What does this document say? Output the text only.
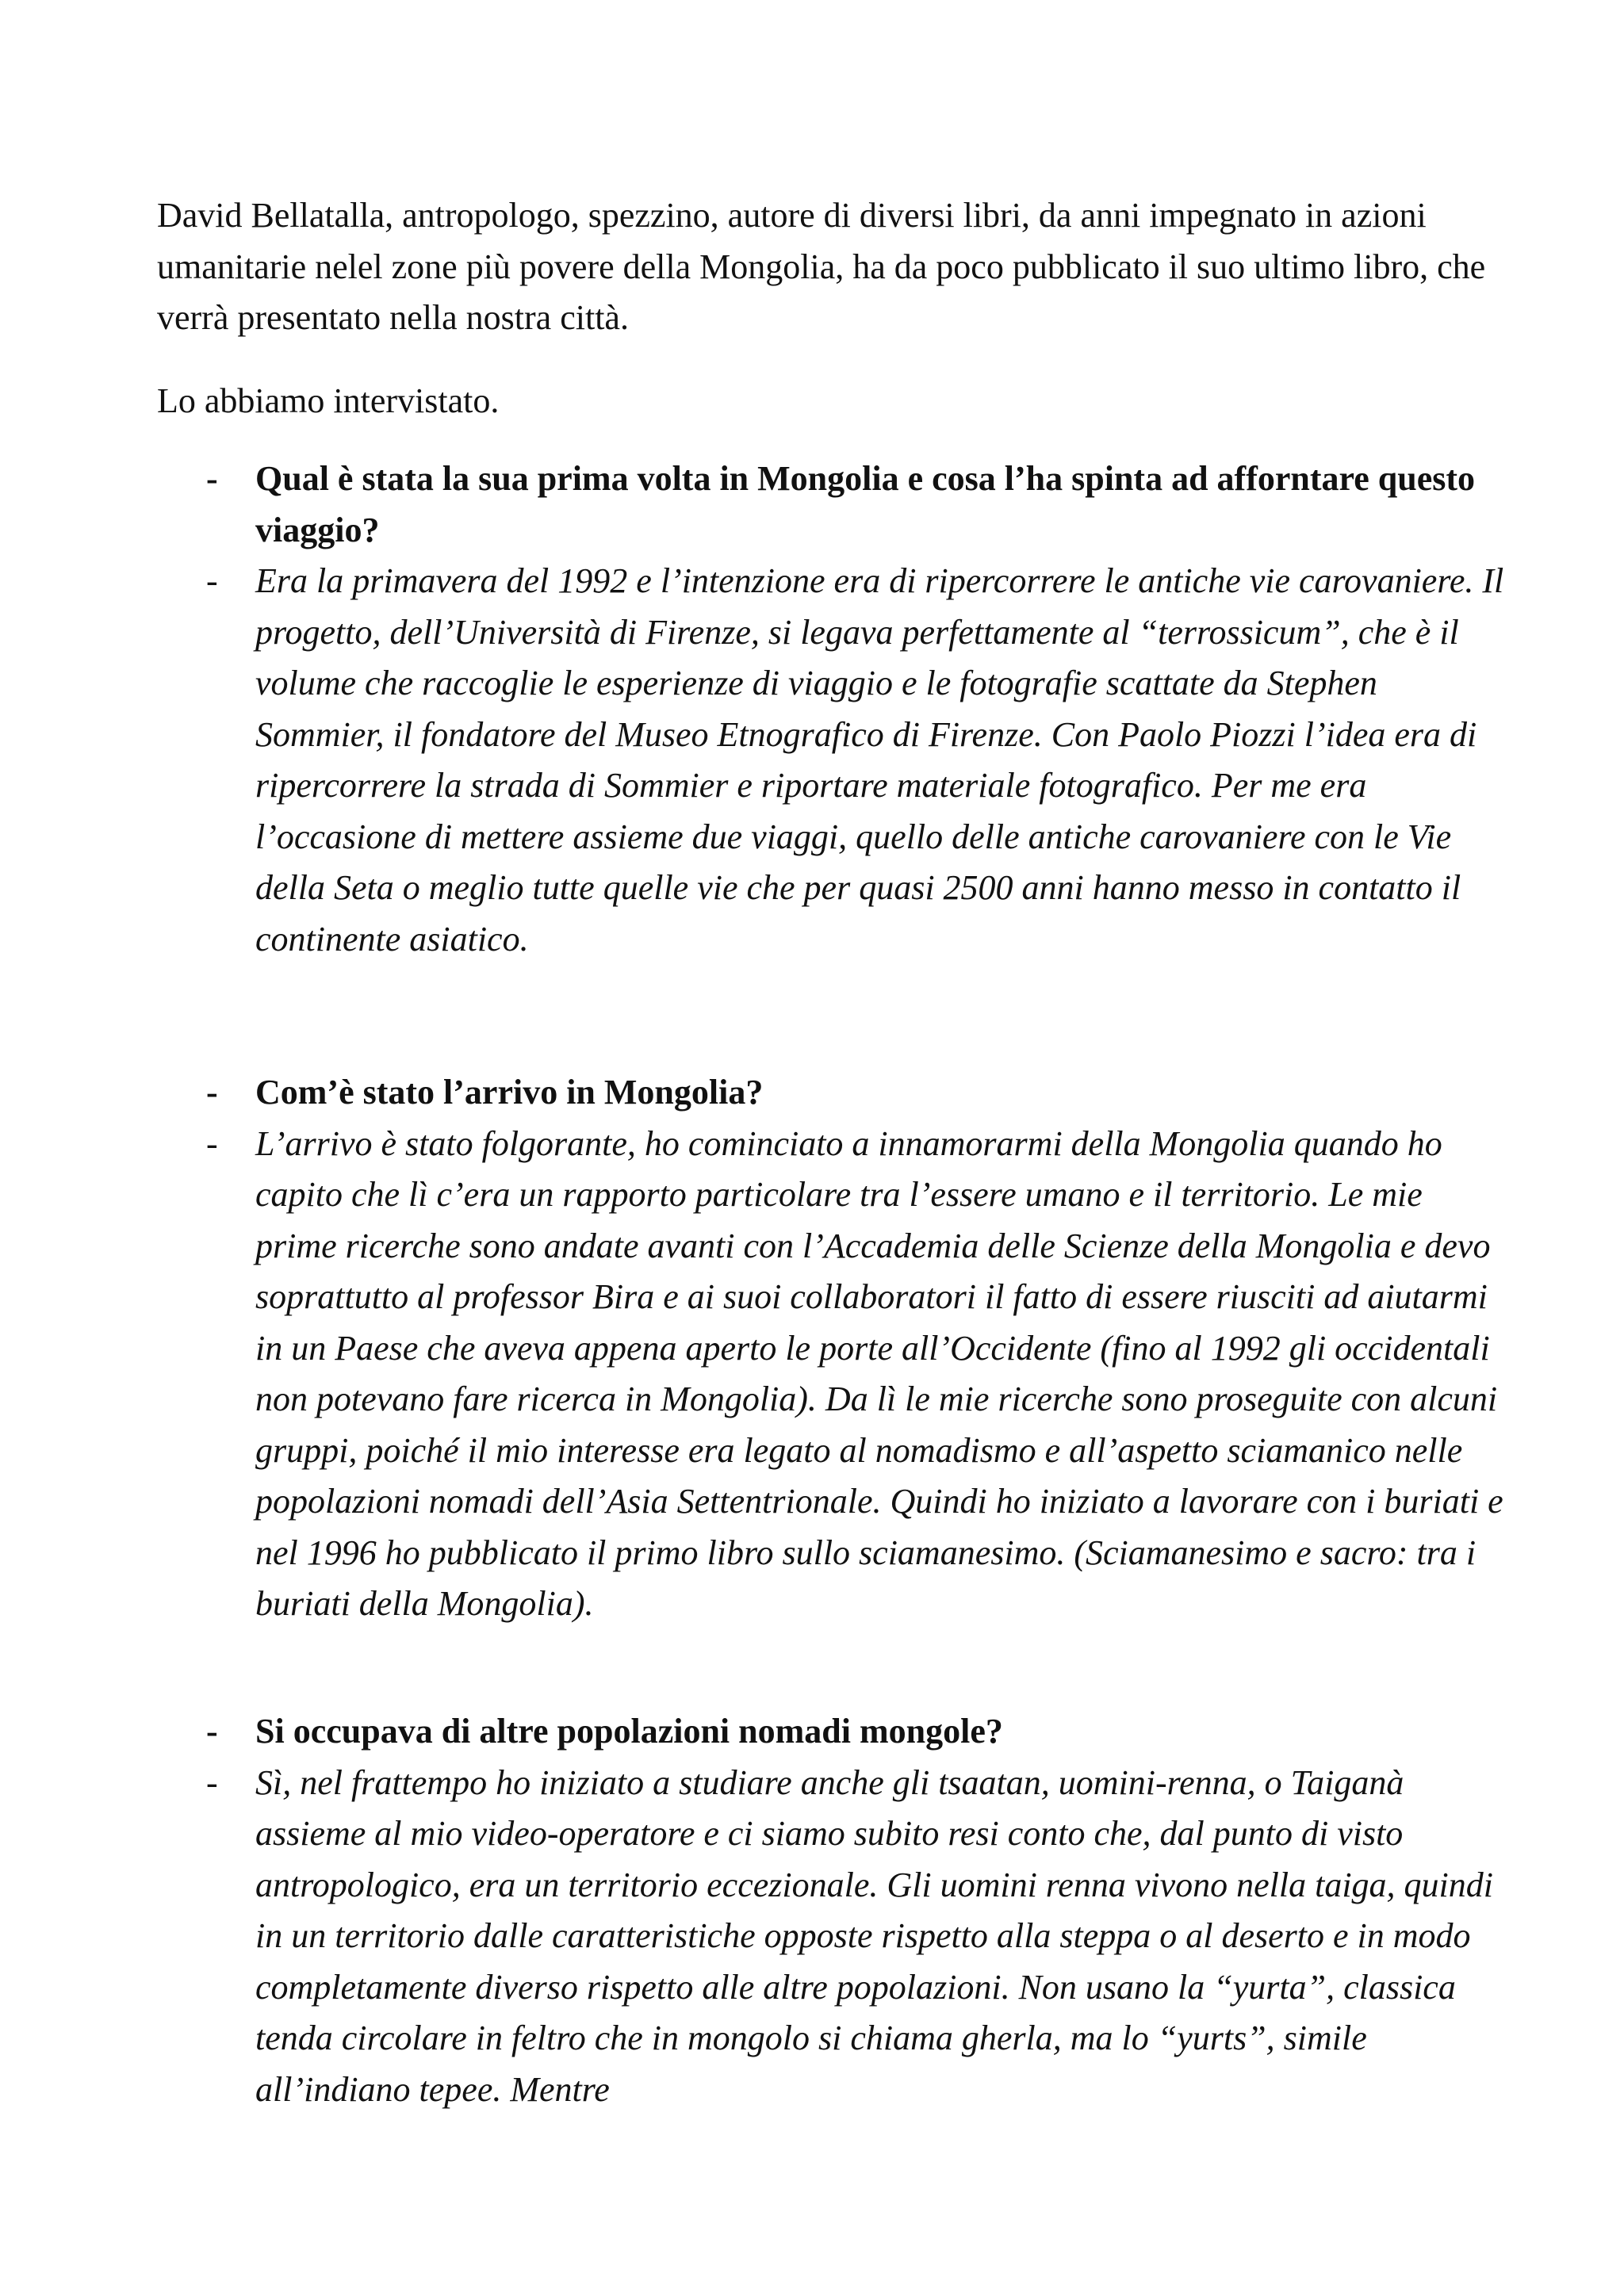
David Bellatalla, antropologo, spezzino, autore di diversi libri, da anni impegnato in azioni umanitarie nelel zone più povere della Mongolia, ha da poco pubblicato il suo ultimo libro, che verrà presentato nella nostra città.

Lo abbiamo intervistato.

- Qual è stata la sua prima volta in Mongolia e cosa l’ha spinta ad afforntare questo viaggio?
- Era la primavera del 1992 e l’intenzione era di ripercorrere le antiche vie carovaniere. Il progetto, dell’Università di Firenze, si legava perfettamente al “terrossicum”, che è il volume che raccoglie le esperienze di viaggio e le fotografie scattate da Stephen Sommier, il fondatore del Museo Etnografico di Firenze. Con Paolo Piozzi l’idea era di ripercorrere la strada di Sommier e riportare materiale fotografico. Per me era l’occasione di mettere assieme due viaggi, quello delle antiche carovaniere con le Vie della Seta o meglio tutte quelle vie che per quasi 2500 anni hanno messo in contatto il continente asiatico.
- Com’è stato l’arrivo in Mongolia?
- L’arrivo è stato folgorante, ho cominciato a innamorarmi della Mongolia quando ho capito che lì c’era un rapporto particolare tra l’essere umano e il territorio. Le mie prime ricerche sono andate avanti con l’Accademia delle Scienze della Mongolia e devo soprattutto al professor Bira e ai suoi collaboratori il fatto di essere riusciti ad aiutarmi in un Paese che aveva appena aperto le porte all’Occidente (fino al 1992 gli occidentali non potevano fare ricerca in Mongolia). Da lì le mie ricerche sono proseguite con alcuni gruppi, poiché il mio interesse era legato al nomadismo e all’aspetto sciamanico nelle popolazioni nomadi dell’Asia Settentrionale. Quindi ho iniziato a lavorare con i buriati e nel 1996 ho pubblicato il primo libro sullo sciamanesimo. (Sciamanesimo e sacro: tra i buriati della Mongolia).
- Si occupava di altre popolazioni nomadi mongole?
- Sì, nel frattempo ho iniziato a studiare anche gli tsaatan, uomini-renna, o Taiganà assieme al mio video-operatore e ci siamo subito resi conto che, dal punto di visto antropologico, era un territorio eccezionale. Gli uomini renna vivono nella taiga, quindi in un territorio dalle caratteristiche opposte rispetto alla steppa o al deserto e in modo completamente diverso rispetto alle altre popolazioni. Non usano la “yurta”, classica tenda circolare in feltro che in mongolo si chiama gherla, ma lo “yurts”, simile all’indiano tepee. Mentre
